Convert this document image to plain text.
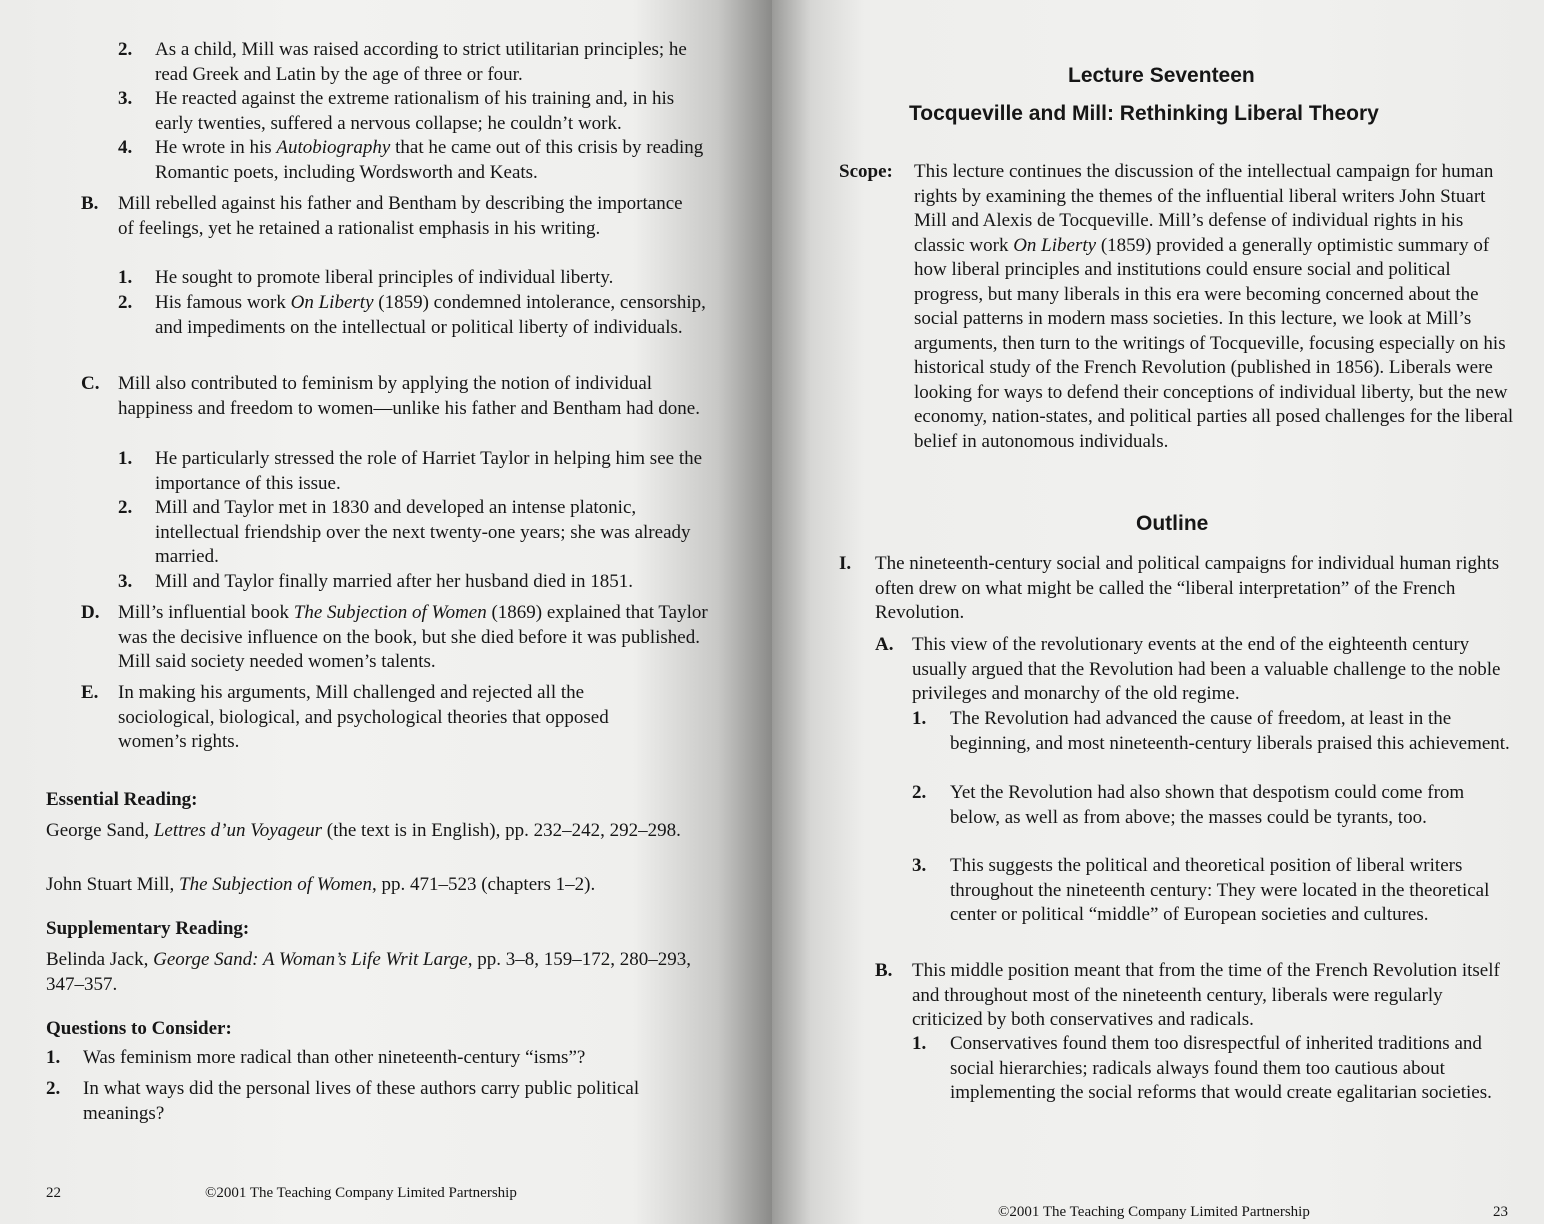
2. As a child, Mill was raised according to strict utilitarian principles; he read Greek and Latin by the age of three or four.

3. He reacted against the extreme rationalism of his training and, in his early twenties, suffered a nervous collapse; he couldn’t work.

4. He wrote in his Autobiography that he came out of this crisis by reading Romantic poets, including Wordsworth and Keats.

B. Mill rebelled against his father and Bentham by describing the importance of feelings, yet he retained a rationalist emphasis in his writing.

1. He sought to promote liberal principles of individual liberty.

2. His famous work On Liberty (1859) condemned intolerance, censorship, and impediments on the intellectual or political liberty of individuals.

C. Mill also contributed to feminism by applying the notion of individual happiness and freedom to women—unlike his father and Bentham had done.

1. He particularly stressed the role of Harriet Taylor in helping him see the importance of this issue.

2. Mill and Taylor met in 1830 and developed an intense platonic, intellectual friendship over the next twenty-one years; she was already married.

3. Mill and Taylor finally married after her husband died in 1851.

D. Mill’s influential book The Subjection of Women (1869) explained that Taylor was the decisive influence on the book, but she died before it was published. Mill said society needed women’s talents.

E. In making his arguments, Mill challenged and rejected all the sociological, biological, and psychological theories that opposed women’s rights.

Essential Reading:

George Sand, Lettres d’un Voyageur (the text is in English), pp. 232–242, 292–298.

John Stuart Mill, The Subjection of Women, pp. 471–523 (chapters 1–2).

Supplementary Reading:

Belinda Jack, George Sand: A Woman’s Life Writ Large, pp. 3–8, 159–172, 280–293, 347–357.

Questions to Consider:

1. Was feminism more radical than other nineteenth-century “isms”?

2. In what ways did the personal lives of these authors carry public political meanings?

22	©2001 The Teaching Company Limited Partnership

Lecture Seventeen

Tocqueville and Mill: Rethinking Liberal Theory

Scope: This lecture continues the discussion of the intellectual campaign for human rights by examining the themes of the influential liberal writers John Stuart Mill and Alexis de Tocqueville. Mill’s defense of individual rights in his classic work On Liberty (1859) provided a generally optimistic summary of how liberal principles and institutions could ensure social and political progress, but many liberals in this era were becoming concerned about the social patterns in modern mass societies. In this lecture, we look at Mill’s arguments, then turn to the writings of Tocqueville, focusing especially on his historical study of the French Revolution (published in 1856). Liberals were looking for ways to defend their conceptions of individual liberty, but the new economy, nation-states, and political parties all posed challenges for the liberal belief in autonomous individuals.

Outline

I. The nineteenth-century social and political campaigns for individual human rights often drew on what might be called the “liberal interpretation” of the French Revolution.

A. This view of the revolutionary events at the end of the eighteenth century usually argued that the Revolution had been a valuable challenge to the noble privileges and monarchy of the old regime.

1. The Revolution had advanced the cause of freedom, at least in the beginning, and most nineteenth-century liberals praised this achievement.

2. Yet the Revolution had also shown that despotism could come from below, as well as from above; the masses could be tyrants, too.

3. This suggests the political and theoretical position of liberal writers throughout the nineteenth century: They were located in the theoretical center or political “middle” of European societies and cultures.

B. This middle position meant that from the time of the French Revolution itself and throughout most of the nineteenth century, liberals were regularly criticized by both conservatives and radicals.

1. Conservatives found them too disrespectful of inherited traditions and social hierarchies; radicals always found them too cautious about implementing the social reforms that would create egalitarian societies.

©2001 The Teaching Company Limited Partnership	23
